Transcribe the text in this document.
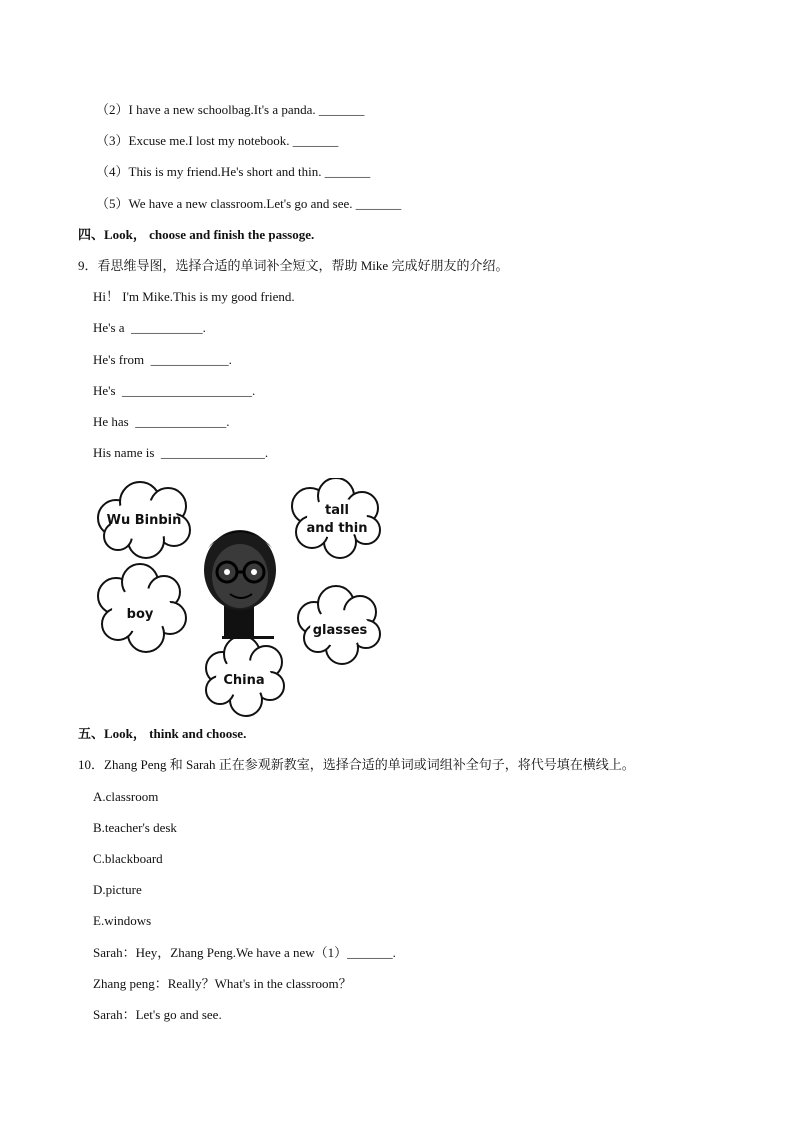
（2）I have a new schoolbag.It's a panda. _______
（3）Excuse me.I lost my notebook. _______
（4）This is my friend.He's short and thin. _______
（5）We have a new classroom.Let's go and see. _______
四、Look， choose and finish the passoge.
9．看思维导图，选择合适的单词补全短文，帮助 Mike 完成好朋友的介绍。
Hi！ I'm Mike.This is my good friend.
He's a  ___________.
He's from  ____________.
He's  ____________________.
He has  ______________.
His name is  ________________.
Wu Binbin
tall
and thin
boy
glasses
China
五、Look， think and choose.
10．Zhang Peng 和 Sarah 正在参观新教室，选择合适的单词或词组补全句子，将代号填在横线上。
A.classroom
B.teacher's desk
C.blackboard
D.picture
E.windows
Sarah：Hey，Zhang Peng.We have a new（1）_______.
Zhang peng：Really？What's in the classroom？
Sarah：Let's go and see.
